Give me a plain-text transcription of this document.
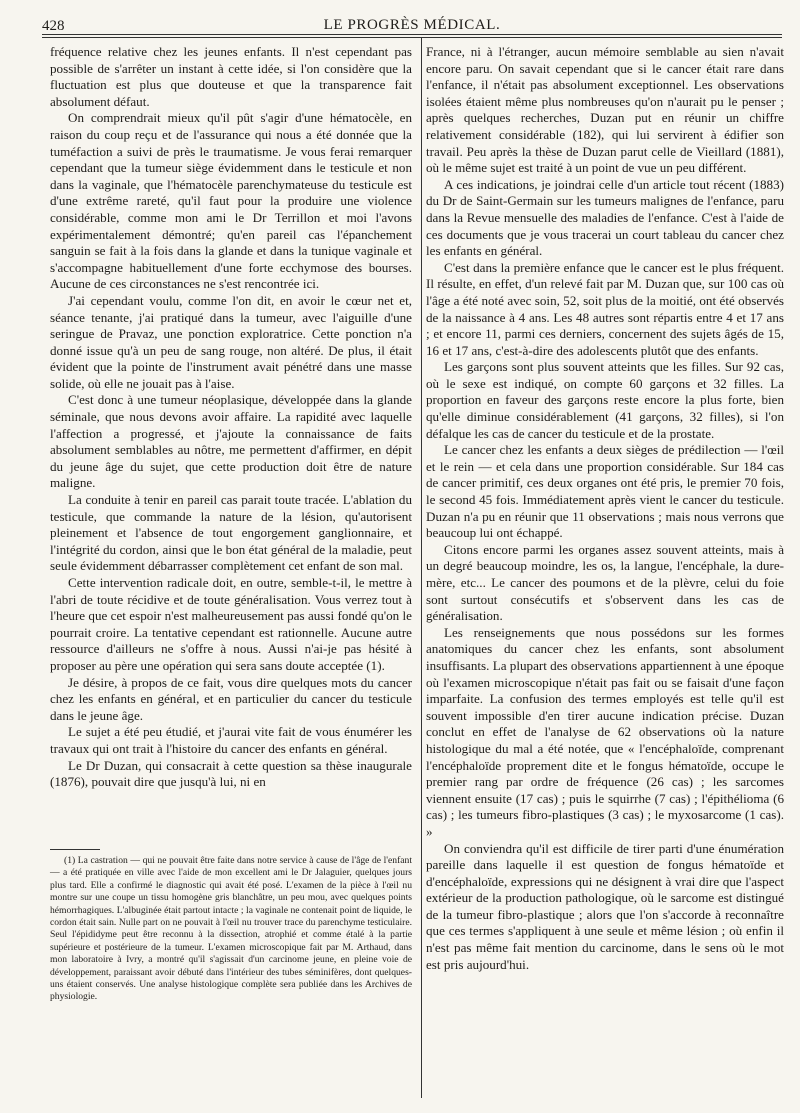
428	LE PROGRÈS MÉDICAL.

fréquence relative chez les jeunes enfants. Il n'est cependant pas possible de s'arrêter un instant à cette idée, si l'on considère que la fluctuation est plus que douteuse et que la transparence fait absolument défaut.

On comprendrait mieux qu'il pût s'agir d'une hématocèle, en raison du coup reçu et de l'assurance qui nous a été donnée que la tuméfaction a suivi de près le traumatisme. Je vous ferai remarquer cependant que la tumeur siège évidemment dans le testicule et non dans la vaginale, que l'hématocèle parenchymateuse du testicule est d'une extrême rareté, qu'il faut pour la produire une violence considérable, comme mon ami le Dr Terrillon et moi l'avons expérimentalement démontré; qu'en pareil cas l'épanchement sanguin se fait à la fois dans la glande et dans la tunique vaginale et s'accompagne habituellement d'une forte ecchymose des bourses. Aucune de ces circonstances ne s'est rencontrée ici.

J'ai cependant voulu, comme l'on dit, en avoir le cœur net et, séance tenante, j'ai pratiqué dans la tumeur, avec l'aiguille d'une seringue de Pravaz, une ponction exploratrice. Cette ponction n'a donné issue qu'à un peu de sang rouge, non altéré. De plus, il était évident que la pointe de l'instrument avait pénétré dans une masse solide, où elle ne jouait pas à l'aise.

C'est donc à une tumeur néoplasique, développée dans la glande séminale, que nous devons avoir affaire. La rapidité avec laquelle l'affection a progressé, et j'ajoute la connaissance de faits absolument semblables au nôtre, me permettent d'affirmer, en dépit du jeune âge du sujet, que cette production doit être de nature maligne.

La conduite à tenir en pareil cas parait toute tracée. L'ablation du testicule, que commande la nature de la lésion, qu'autorisent pleinement et l'absence de tout engorgement ganglionnaire, et l'intégrité du cordon, ainsi que le bon état général de la maladie, peut seule évidemment débarrasser complètement cet enfant de son mal.

Cette intervention radicale doit, en outre, semble-t-il, le mettre à l'abri de toute récidive et de toute généralisation. Vous verrez tout à l'heure que cet espoir n'est malheureusement pas aussi fondé qu'on le pourrait croire. La tentative cependant est rationnelle. Aucune autre ressource d'ailleurs ne s'offre à nous. Aussi n'ai-je pas hésité à proposer au père une opération qui sera sans doute acceptée (1).

Je désire, à propos de ce fait, vous dire quelques mots du cancer chez les enfants en général, et en particulier du cancer du testicule dans le jeune âge.

Le sujet a été peu étudié, et j'aurai vite fait de vous énumérer les travaux qui ont trait à l'histoire du cancer des enfants en général.

Le Dr Duzan, qui consacrait à cette question sa thèse inaugurale (1876), pouvait dire que jusqu'à lui, ni en

(1) La castration — qui ne pouvait être faite dans notre service à cause de l'âge de l'enfant — a été pratiquée en ville avec l'aide de mon excellent ami le Dr Jalaguier, quelques jours plus tard. Elle a confirmé le diagnostic qui avait été posé. L'examen de la pièce à l'œil nu montre sur une coupe un tissu homogène gris blanchâtre, un peu mou, avec quelques points hémorrhagiques. L'albuginée était partout intacte ; la vaginale ne contenait point de liquide, le cordon était sain. Nulle part on ne pouvait à l'œil nu trouver trace du parenchyme testiculaire. Seul l'épididyme peut être reconnu à la dissection, atrophié et comme étalé à la partie supérieure et postérieure de la tumeur. L'examen microscopique fait par M. Arthaud, dans mon laboratoire à Ivry, a montré qu'il s'agissait d'un carcinome jeune, en pleine voie de développement, paraissant avoir débuté dans l'intérieur des tubes séminifères, dont quelques-uns étaient conservés. Une analyse histologique complète sera publiée dans les Archives de physiologie.

France, ni à l'étranger, aucun mémoire semblable au sien n'avait encore paru. On savait cependant que si le cancer était rare dans l'enfance, il n'était pas absolument exceptionnel. Les observations isolées étaient même plus nombreuses qu'on n'aurait pu le penser ; après quelques recherches, Duzan put en réunir un chiffre relativement considérable (182), qui lui servirent à édifier son travail. Peu après la thèse de Duzan parut celle de Vieillard (1881), où le même sujet est traité à un point de vue un peu différent.

A ces indications, je joindrai celle d'un article tout récent (1883) du Dr de Saint-Germain sur les tumeurs malignes de l'enfance, paru dans la Revue mensuelle des maladies de l'enfance. C'est à l'aide de ces documents que je vous tracerai un court tableau du cancer chez les enfants en général.

C'est dans la première enfance que le cancer est le plus fréquent. Il résulte, en effet, d'un relevé fait par M. Duzan que, sur 100 cas où l'âge a été noté avec soin, 52, soit plus de la moitié, ont été observés de la naissance à 4 ans. Les 48 autres sont répartis entre 4 et 17 ans ; et encore 11, parmi ces derniers, concernent des sujets âgés de 15, 16 et 17 ans, c'est-à-dire des adolescents plutôt que des enfants.

Les garçons sont plus souvent atteints que les filles. Sur 92 cas, où le sexe est indiqué, on compte 60 garçons et 32 filles. La proportion en faveur des garçons reste encore la plus forte, bien qu'elle diminue considérablement (41 garçons, 32 filles), si l'on défalque les cas de cancer du testicule et de la prostate.

Le cancer chez les enfants a deux sièges de prédilection — l'œil et le rein — et cela dans une proportion considérable. Sur 184 cas de cancer primitif, ces deux organes ont été pris, le premier 70 fois, le second 45 fois. Immédiatement après vient le cancer du testicule. Duzan n'a pu en réunir que 11 observations ; mais nous verrons que beaucoup lui ont échappé.

Citons encore parmi les organes assez souvent atteints, mais à un degré beaucoup moindre, les os, la langue, l'encéphale, la dure-mère, etc... Le cancer des poumons et de la plèvre, celui du foie sont surtout consécutifs et s'observent dans les cas de généralisation.

Les renseignements que nous possédons sur les formes anatomiques du cancer chez les enfants, sont absolument insuffisants. La plupart des observations appartiennent à une époque où l'examen microscopique n'était pas fait ou se faisait d'une façon imparfaite. La confusion des termes employés est telle qu'il est souvent impossible d'en tirer aucune indication précise. Duzan conclut en effet de l'analyse de 62 observations où la nature histologique du mal a été notée, que « l'encéphaloïde, comprenant l'encéphaloïde proprement dite et le fongus hématoïde, occupe le premier rang par ordre de fréquence (26 cas) ; les sarcomes viennent ensuite (17 cas) ; puis le squirrhe (7 cas) ; l'épithélioma (6 cas) ; les tumeurs fibro-plastiques (3 cas) ; le myxosarcome (1 cas). »

On conviendra qu'il est difficile de tirer parti d'une énumération pareille dans laquelle il est question de fongus hématoïde et d'encéphaloïde, expressions qui ne désignent à vrai dire que l'aspect extérieur de la production pathologique, où le sarcome est distingué de la tumeur fibro-plastique ; alors que l'on s'accorde à reconnaître que ces termes s'appliquent à une seule et même lésion ; où enfin il n'est pas même fait mention du carcinome, dans le sens où le mot est pris aujourd'hui.
